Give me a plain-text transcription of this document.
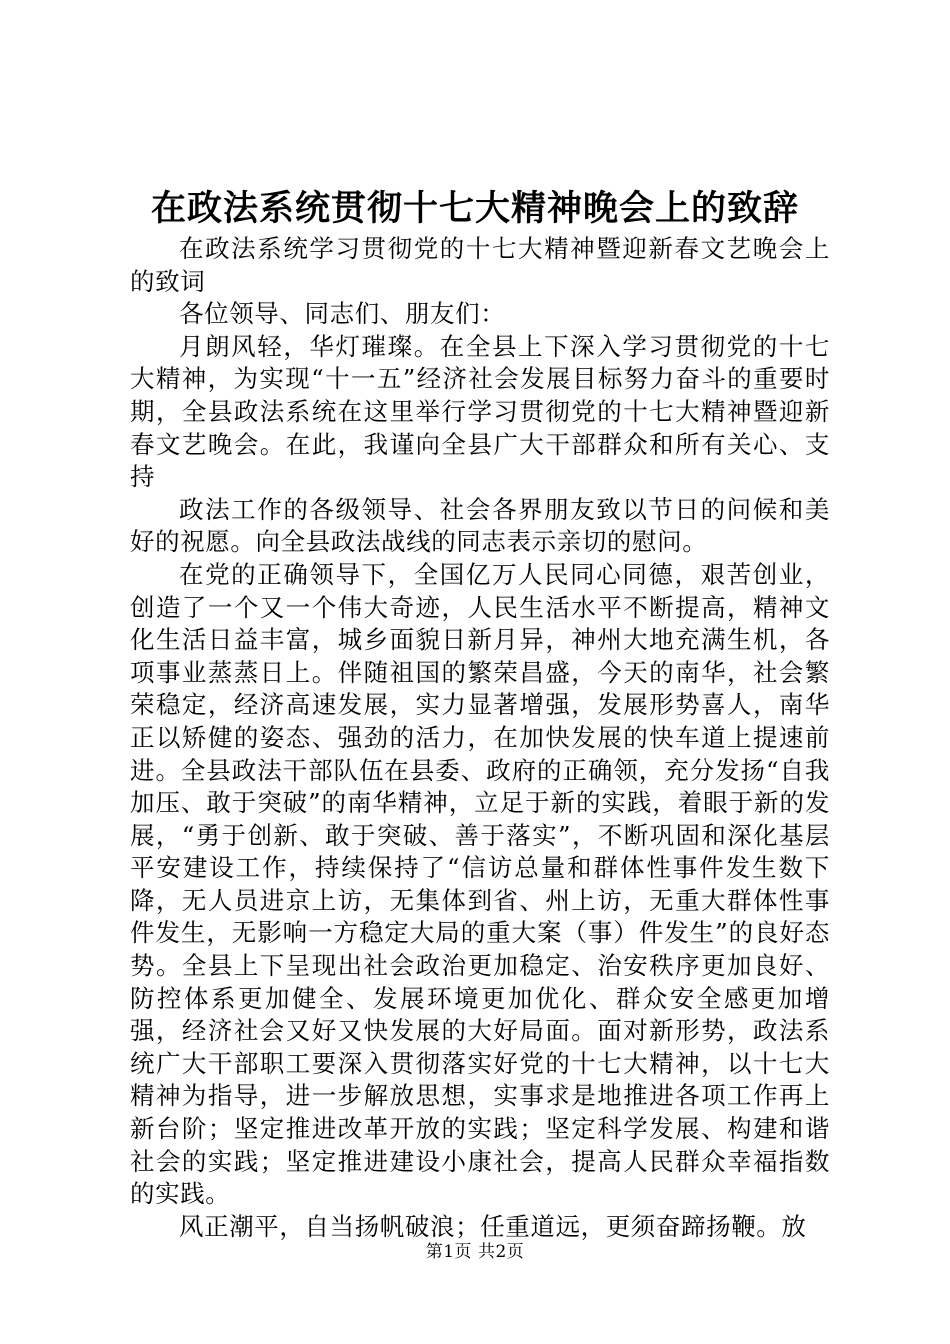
在政法系统贯彻十七大精神晚会上的致辞

在政法系统学习贯彻党的十七大精神暨迎新春文艺晚会上的致词

各位领导、同志们、朋友们：

月朗风轻，华灯璀璨。在全县上下深入学习贯彻党的十七大精神，为实现“十一五”经济社会发展目标努力奋斗的重要时期，全县政法系统在这里举行学习贯彻党的十七大精神暨迎新春文艺晚会。在此，我谨向全县广大干部群众和所有关心、支持

政法工作的各级领导、社会各界朋友致以节日的问候和美好的祝愿。向全县政法战线的同志表示亲切的慰问。

在党的正确领导下，全国亿万人民同心同德，艰苦创业，创造了一个又一个伟大奇迹，人民生活水平不断提高，精神文化生活日益丰富，城乡面貌日新月异，神州大地充满生机，各项事业蒸蒸日上。伴随祖国的繁荣昌盛，今天的南华，社会繁荣稳定，经济高速发展，实力显著增强，发展形势喜人，南华正以矫健的姿态、强劲的活力，在加快发展的快车道上提速前进。全县政法干部队伍在县委、政府的正确领，充分发扬“自我加压、敢于突破”的南华精神，立足于新的实践，着眼于新的发展，“勇于创新、敢于突破、善于落实”，不断巩固和深化基层平安建设工作，持续保持了“信访总量和群体性事件发生数下降，无人员进京上访，无集体到省、州上访，无重大群体性事件发生，无影响一方稳定大局的重大案（事）件发生”的良好态势。全县上下呈现出社会政治更加稳定、治安秩序更加良好、防控体系更加健全、发展环境更加优化、群众安全感更加增强，经济社会又好又快发展的大好局面。面对新形势，政法系统广大干部职工要深入贯彻落实好党的十七大精神，以十七大精神为指导，进一步解放思想，实事求是地推进各项工作再上新台阶；坚定推进改革开放的实践；坚定科学发展、构建和谐社会的实践；坚定推进建设小康社会，提高人民群众幸福指数的实践。

风正潮平，自当扬帆破浪；任重道远，更须奋蹄扬鞭。放

第1页 共2页
